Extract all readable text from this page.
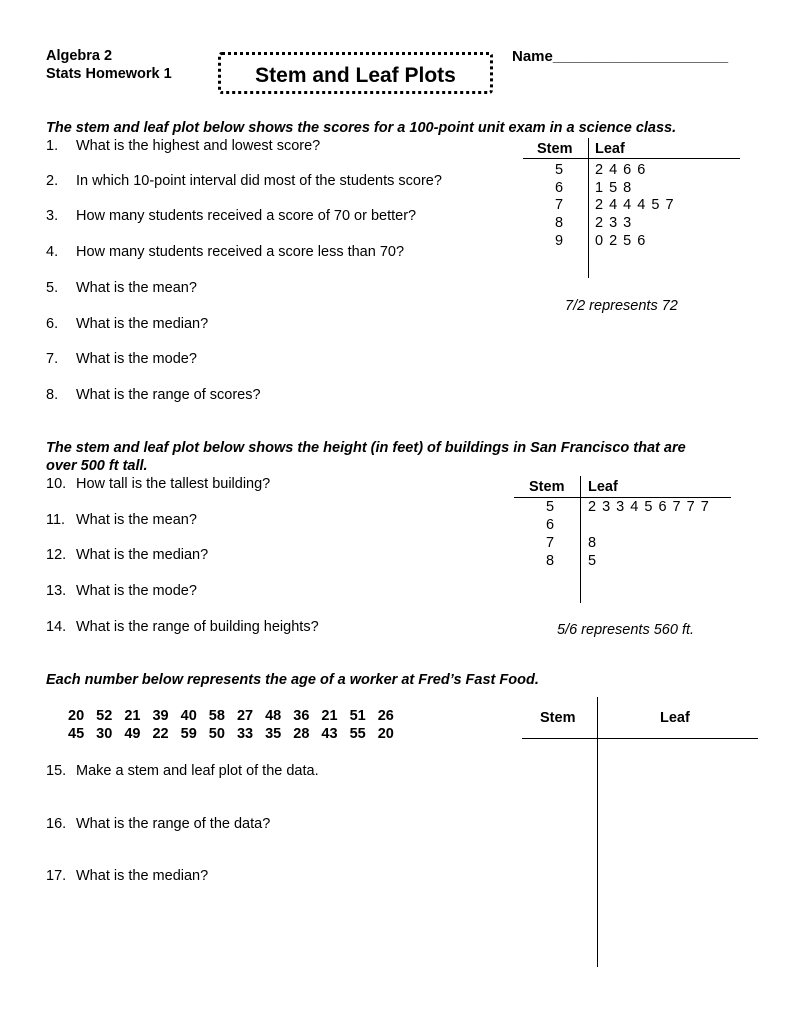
Algebra 2
Stats Homework 1	Stem and Leaf Plots
Name_____________________
The stem and leaf plot below shows the scores for a 100-point unit exam in a science class.
1. What is the highest and lowest score?
2. In which 10-point interval did most of the students score?
3. How many students received a score of 70 or better?
4. How many students received a score less than 70?
5. What is the mean?
6. What is the median?
7. What is the mode?
8. What is the range of scores?
Stem Leaf
5	2 4 6 6
6	1 5 8
7	2 4 4 4 5 7
8	2 3 3
9	0 2 5 6
7/2 represents 72
The stem and leaf plot below shows the height (in feet) of buildings in San Francisco that are
over 500 ft tall.
10. How tall is the tallest building?
11. What is the mean?
12. What is the median?
13. What is the mode?
14. What is the range of building heights?
Stem Leaf
5	2 3 3 4 5 6 7 7 7
6
7	8
8	5
5/6 represents 560 ft.
Each number below represents the age of a worker at Fred’s Fast Food.
20 52 21 39 40 58 27 48 36 21 51 26
45 30 49 22 59 50 33 35 28 43 55 20
15. Make a stem and leaf plot of the data.
16. What is the range of the data?
17. What is the median?
Stem	Leaf
